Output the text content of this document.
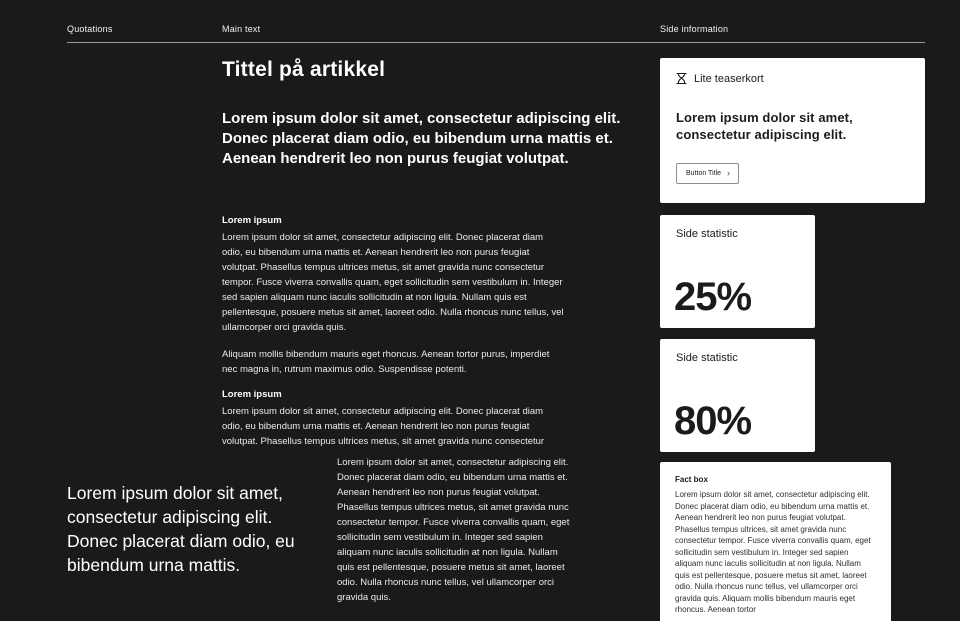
Quotations	Main text	Side information
Tittel på artikkel

Lorem ipsum dolor sit amet, consectetur adipiscing elit. Donec placerat diam odio, eu bibendum urna mattis et. Aenean hendrerit leo non purus feugiat volutpat.

Lorem ipsum

Lorem ipsum dolor sit amet, consectetur adipiscing elit. Donec placerat diam odio, eu bibendum urna mattis et. Aenean hendrerit leo non purus feugiat volutpat. Phasellus tempus ultrices metus, sit amet gravida nunc consectetur tempor. Fusce viverra convallis quam, eget sollicitudin sem vestibulum in. Integer sed sapien aliquam nunc iaculis sollicitudin at non ligula. Nullam quis est pellentesque, posuere metus sit amet, laoreet odio. Nulla rhoncus nunc tellus, vel ullamcorper orci gravida quis.

Aliquam mollis bibendum mauris eget rhoncus. Aenean tortor purus, imperdiet nec magna in, rutrum maximus odio. Suspendisse potenti.

Lorem ipsum

Lorem ipsum dolor sit amet, consectetur adipiscing elit. Donec placerat diam odio, eu bibendum urna mattis et. Aenean hendrerit leo non purus feugiat volutpat. Phasellus tempus ultrices metus, sit amet gravida nunc consectetur

Lorem ipsum dolor sit amet, consectetur adipiscing elit. Donec placerat diam odio, eu bibendum urna mattis et. Aenean hendrerit leo non purus feugiat volutpat. Phasellus tempus ultrices metus, sit amet gravida nunc consectetur tempor. Fusce viverra convallis quam, eget sollicitudin sem vestibulum in. Integer sed sapien aliquam nunc iaculis sollicitudin at non ligula. Nullam quis est pellentesque, posuere metus sit amet, laoreet odio. Nulla rhoncus nunc tellus, vel ullamcorper orci gravida quis.

Lorem ipsum dolor sit amet, consectetur adipiscing elit. Donec placerat diam odio, eu bibendum urna mattis.
Lite teaserkort
Lorem ipsum dolor sit amet, consectetur adipiscing elit.
Button Title ›
Side statistic
25%
Side statistic
80%
Fact box

Lorem ipsum dolor sit amet, consectetur adipiscing elit. Donec placerat diam odio, eu bibendum urna mattis et. Aenean hendrerit leo non purus feugiat volutpat. Phasellus tempus ultrices, sit amet gravida nunc consectetur tempor. Fusce viverra convallis quam, eget sollicitudin sem vestibulum in. Integer sed sapien aliquam nunc iaculis sollicitudin at non ligula. Nullam quis est pellentesque, posuere metus sit amet, laoreet odio. Nulla rhoncus nunc tellus, vel ullamcorper orci gravida quis. Aliquam mollis bibendum mauris eget rhoncus. Aenean tortor
